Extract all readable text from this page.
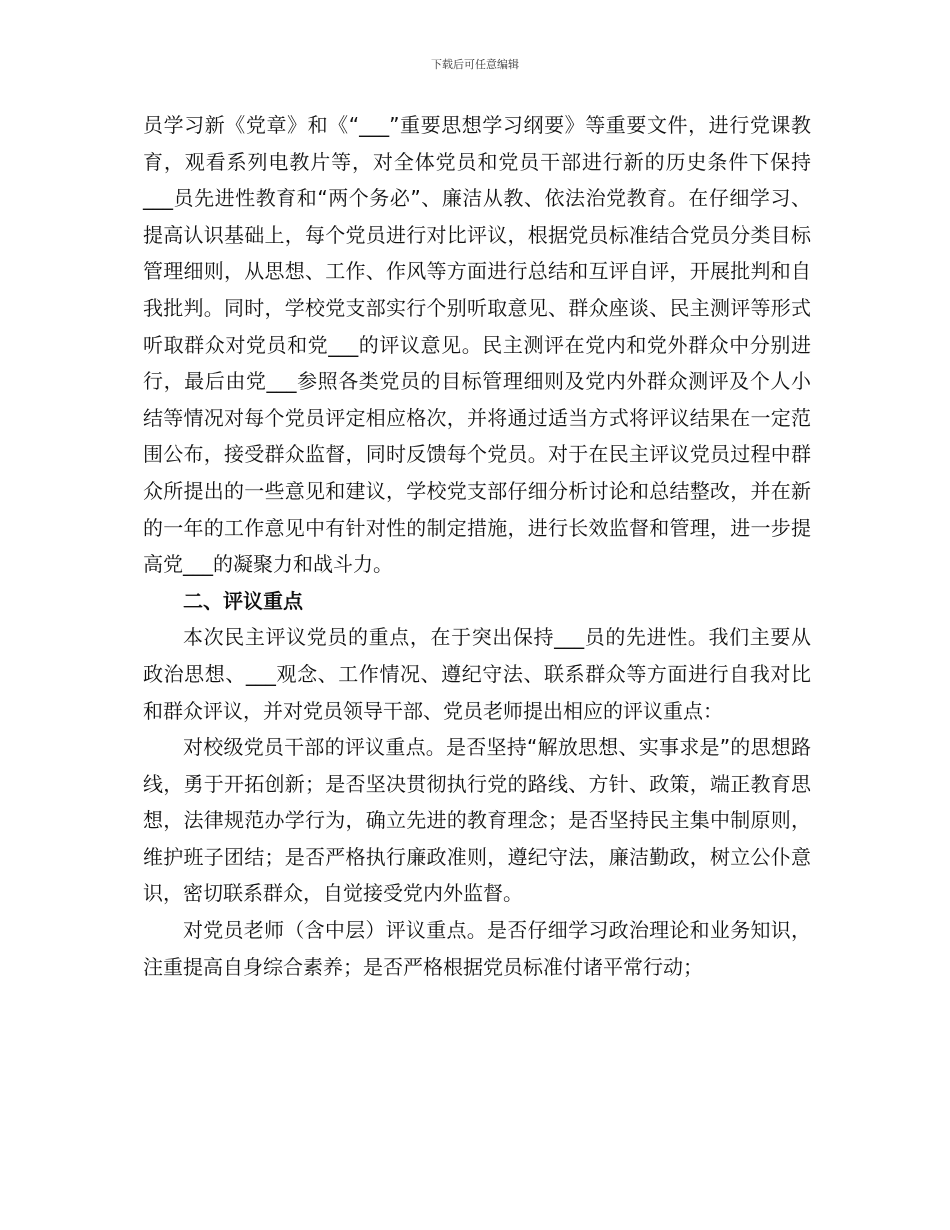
下载后可任意编辑

员学习新《党章》和《“___”重要思想学习纲要》等重要文件，进行党课教育，观看系列电教片等，对全体党员和党员干部进行新的历史条件下保持___员先进性教育和“两个务必”、廉洁从教、依法治党教育。在仔细学习、提高认识基础上，每个党员进行对比评议，根据党员标准结合党员分类目标管理细则，从思想、工作、作风等方面进行总结和互评自评，开展批判和自我批判。同时，学校党支部实行个别听取意见、群众座谈、民主测评等形式听取群众对党员和党___的评议意见。民主测评在党内和党外群众中分别进行，最后由党___参照各类党员的目标管理细则及党内外群众测评及个人小结等情况对每个党员评定相应格次，并将通过适当方式将评议结果在一定范围公布，接受群众监督，同时反馈每个党员。对于在民主评议党员过程中群众所提出的一些意见和建议，学校党支部仔细分析讨论和总结整改，并在新的一年的工作意见中有针对性的制定措施，进行长效监督和管理，进一步提高党___的凝聚力和战斗力。

二、评议重点

本次民主评议党员的重点，在于突出保持___员的先进性。我们主要从政治思想、___观念、工作情况、遵纪守法、联系群众等方面进行自我对比和群众评议，并对党员领导干部、党员老师提出相应的评议重点：

对校级党员干部的评议重点。是否坚持“解放思想、实事求是”的思想路线，勇于开拓创新；是否坚决贯彻执行党的路线、方针、政策，端正教育思想，法律规范办学行为，确立先进的教育理念；是否坚持民主集中制原则，维护班子团结；是否严格执行廉政准则，遵纪守法，廉洁勤政，树立公仆意识，密切联系群众，自觉接受党内外监督。

对党员老师（含中层）评议重点。是否仔细学习政治理论和业务知识，注重提高自身综合素养；是否严格根据党员标准付诸平常行动；
